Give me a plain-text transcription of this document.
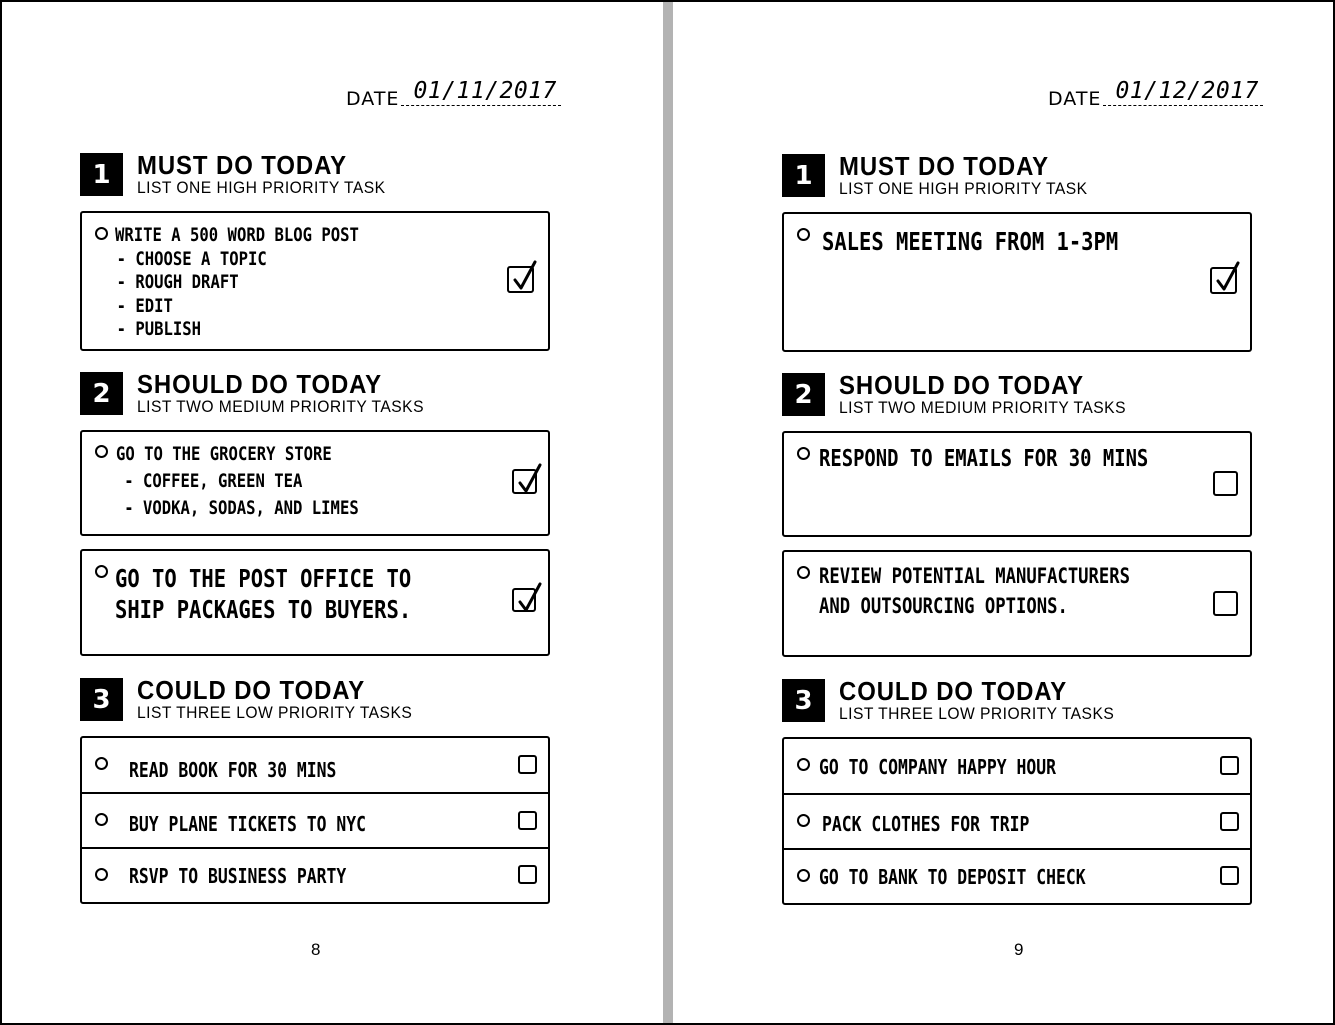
DATE 01/11/2017
1	MUST DO TODAY
LIST ONE HIGH PRIORITY TASK
WRITE A 500 WORD BLOG POST
- CHOOSE A TOPIC
- ROUGH DRAFT
- EDIT
- PUBLISH
2	SHOULD DO TODAY
LIST TWO MEDIUM PRIORITY TASKS
GO TO THE GROCERY STORE
- COFFEE, GREEN TEA
- VODKA, SODAS, AND LIMES
GO TO THE POST OFFICE TO
SHIP PACKAGES TO BUYERS.
3	COULD DO TODAY
LIST THREE LOW PRIORITY TASKS
READ BOOK FOR 30 MINS
BUY PLANE TICKETS TO NYC
RSVP TO BUSINESS PARTY
8
DATE 01/12/2017
1	MUST DO TODAY
LIST ONE HIGH PRIORITY TASK
SALES MEETING FROM 1-3PM
2	SHOULD DO TODAY
LIST TWO MEDIUM PRIORITY TASKS
RESPOND TO EMAILS FOR 30 MINS
REVIEW POTENTIAL MANUFACTURERS
AND OUTSOURCING OPTIONS.
3	COULD DO TODAY
LIST THREE LOW PRIORITY TASKS
GO TO COMPANY HAPPY HOUR
PACK CLOTHES FOR TRIP
GO TO BANK TO DEPOSIT CHECK
9
